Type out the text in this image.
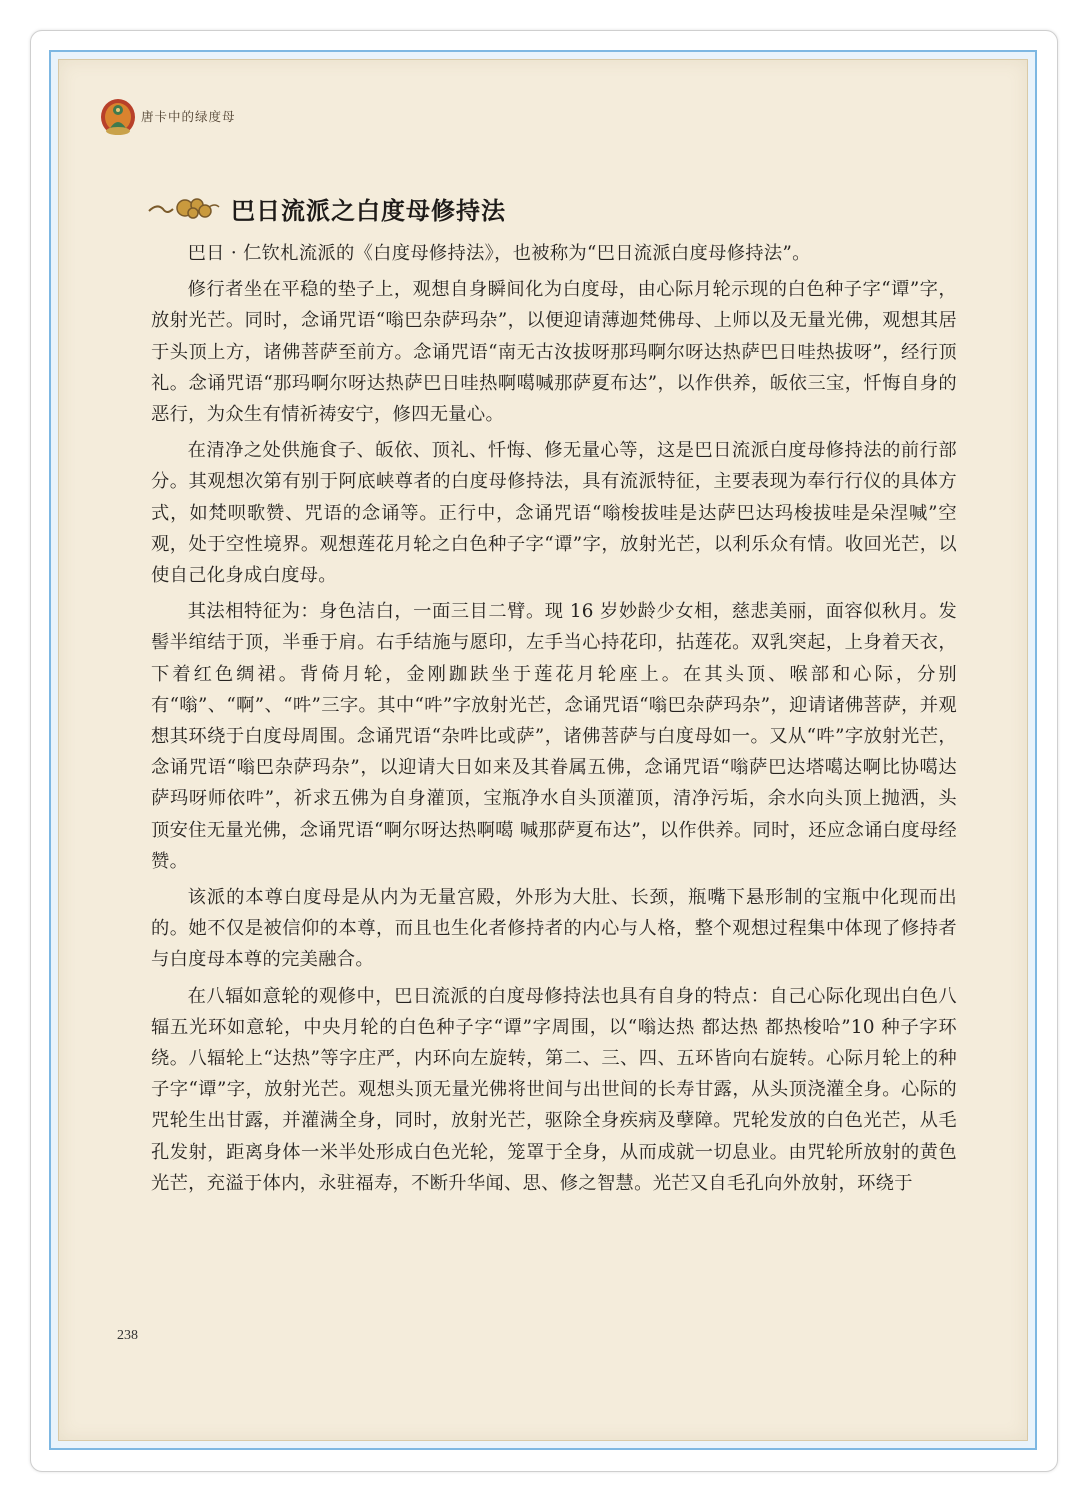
唐卡中的绿度母
巴日流派之白度母修持法

巴日 · 仁钦札流派的《白度母修持法》，也被称为“巴日流派白度母修持法”。

修行者坐在平稳的垫子上，观想自身瞬间化为白度母，由心际月轮示现的白色种子字“谭”字，放射光芒。同时，念诵咒语“嗡巴杂萨玛杂”，以便迎请薄迦梵佛母、上师以及无量光佛，观想其居于头顶上方，诸佛菩萨至前方。念诵咒语“南无古汝拔呀那玛啊尔呀达热萨巴日哇热拔呀”，经行顶礼。念诵咒语“那玛啊尔呀达热萨巴日哇热啊噶喊那萨夏布达”，以作供养，皈依三宝，忏悔自身的恶行，为众生有情祈祷安宁，修四无量心。

在清净之处供施食子、皈依、顶礼、忏悔、修无量心等，这是巴日流派白度母修持法的前行部分。其观想次第有别于阿底峡尊者的白度母修持法，具有流派特征，主要表现为奉行行仪的具体方式，如梵呗歌赞、咒语的念诵等。正行中，念诵咒语“嗡梭拔哇是达萨巴达玛梭拔哇是朵涅喊”空观，处于空性境界。观想莲花月轮之白色种子字“谭”字，放射光芒，以利乐众有情。收回光芒，以使自己化身成白度母。

其法相特征为：身色洁白，一面三目二臂。现 16 岁妙龄少女相，慈悲美丽，面容似秋月。发髻半绾结于顶，半垂于肩。右手结施与愿印，左手当心持花印，拈莲花。双乳突起，上身着天衣，下着红色绸裙。背倚月轮，金刚跏趺坐于莲花月轮座上。在其头顶、喉部和心际，分别有“嗡”、“啊”、“吽”三字。其中“吽”字放射光芒，念诵咒语“嗡巴杂萨玛杂”，迎请诸佛菩萨，并观想其环绕于白度母周围。念诵咒语“杂吽比或萨”，诸佛菩萨与白度母如一。又从“吽”字放射光芒，念诵咒语“嗡巴杂萨玛杂”，以迎请大日如来及其眷属五佛，念诵咒语“嗡萨巴达塔噶达啊比协噶达萨玛呀师依吽”，祈求五佛为自身灌顶，宝瓶净水自头顶灌顶，清净污垢，余水向头顶上抛洒，头顶安住无量光佛，念诵咒语“啊尔呀达热啊噶 喊那萨夏布达”，以作供养。同时，还应念诵白度母经赞。

该派的本尊白度母是从内为无量宫殿，外形为大肚、长颈，瓶嘴下悬形制的宝瓶中化现而出的。她不仅是被信仰的本尊，而且也生化者修持者的内心与人格，整个观想过程集中体现了修持者与白度母本尊的完美融合。

在八辐如意轮的观修中，巴日流派的白度母修持法也具有自身的特点：自己心际化现出白色八辐五光环如意轮，中央月轮的白色种子字“谭”字周围，以“嗡达热 都达热 都热梭哈”10 种子字环绕。八辐轮上“达热”等字庄严，内环向左旋转，第二、三、四、五环皆向右旋转。心际月轮上的种子字“谭”字，放射光芒。观想头顶无量光佛将世间与出世间的长寿甘露，从头顶浇灌全身。心际的咒轮生出甘露，并灌满全身，同时，放射光芒，驱除全身疾病及孽障。咒轮发放的白色光芒，从毛孔发射，距离身体一米半处形成白色光轮，笼罩于全身，从而成就一切息业。由咒轮所放射的黄色光芒，充溢于体内，永驻福寿，不断升华闻、思、修之智慧。光芒又自毛孔向外放射，环绕于

238
